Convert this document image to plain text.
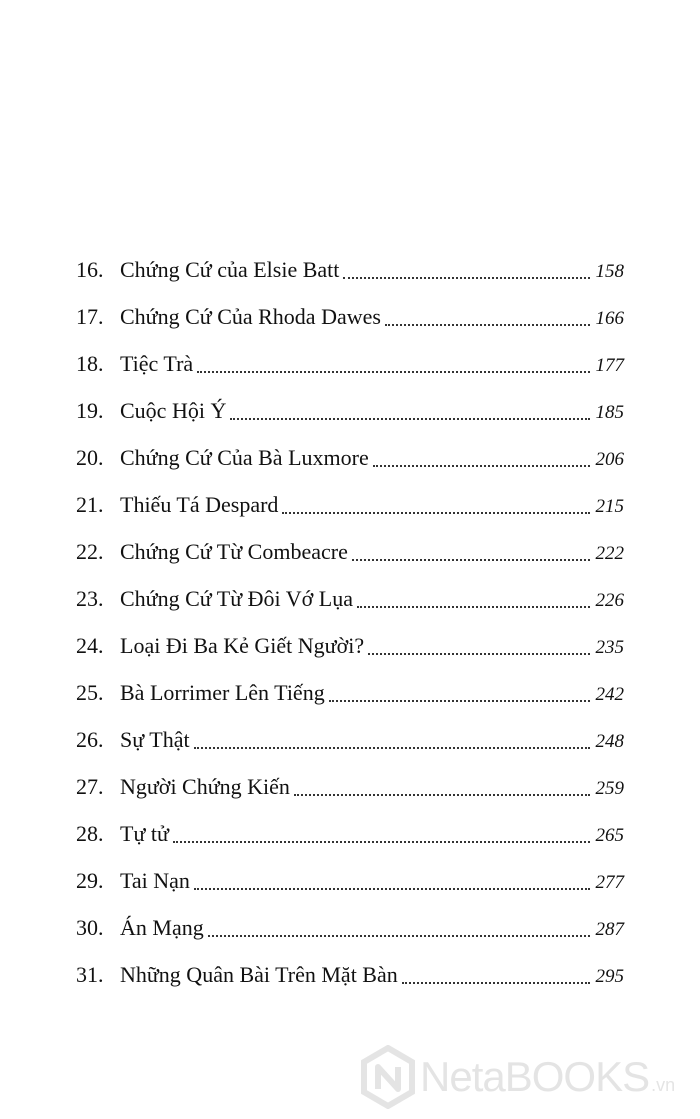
16. Chứng Cứ của Elsie Batt	158
17. Chứng Cứ Của Rhoda Dawes	166
18. Tiệc Trà	177
19. Cuộc Hội Ý	185
20. Chứng Cứ Của Bà Luxmore	206
21. Thiếu Tá Despard	215
22. Chứng Cứ Từ Combeacre	222
23. Chứng Cứ Từ Đôi Vớ Lụa	226
24. Loại Đi Ba Kẻ Giết Người?	235
25. Bà Lorrimer Lên Tiếng	242
26. Sự Thật	248
27. Người Chứng Kiến	259
28. Tự tử	265
29. Tai Nạn	277
30. Án Mạng	287
31. Những Quân Bài Trên Mặt Bàn	295
NetaBOOKS .vn
